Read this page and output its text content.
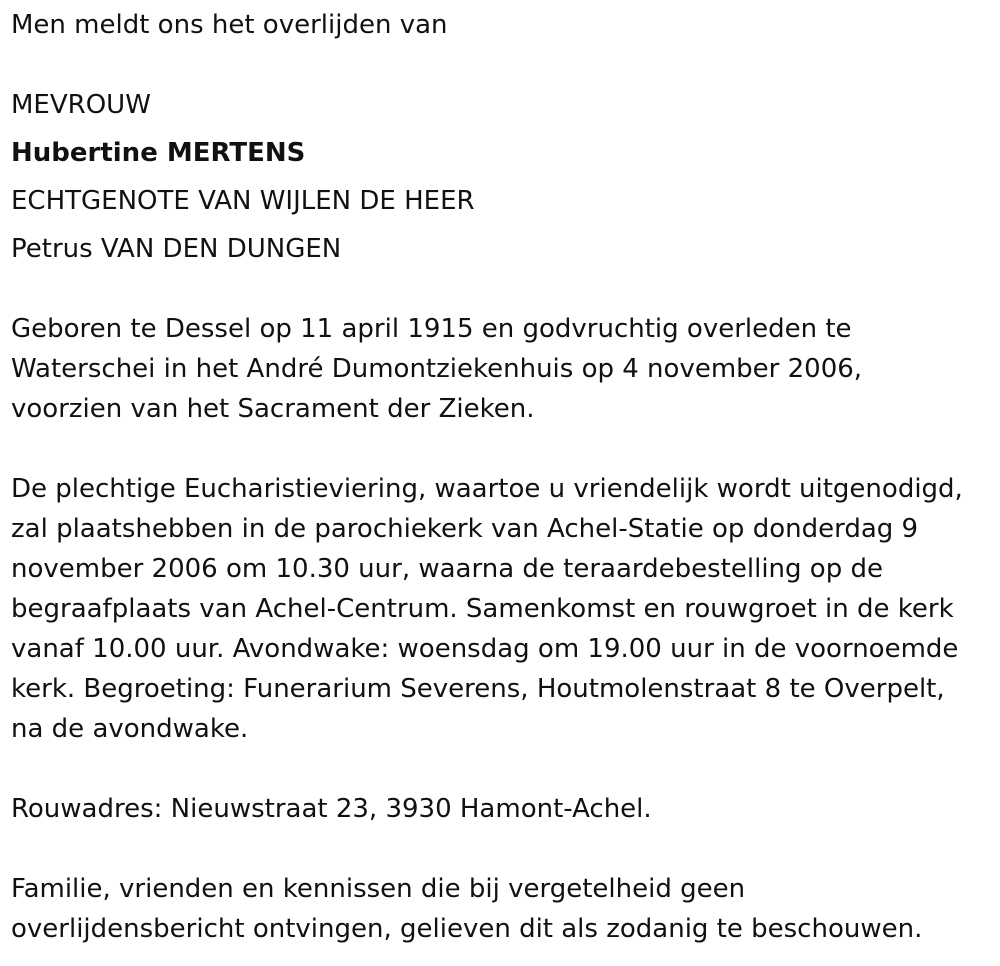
Men meldt ons het overlijden van

MEVROUW

Hubertine MERTENS

ECHTGENOTE VAN WIJLEN DE HEER

Petrus VAN DEN DUNGEN

Geboren te Dessel op 11 april 1915 en godvruchtig overleden te

Waterschei in het André Dumontziekenhuis op 4 november 2006,

voorzien van het Sacrament der Zieken.

De plechtige Eucharistieviering, waartoe u vriendelijk wordt uitgenodigd,

zal plaatshebben in de parochiekerk van Achel-Statie op donderdag 9

november 2006 om 10.30 uur, waarna de teraardebestelling op de

begraafplaats van Achel-Centrum. Samenkomst en rouwgroet in de kerk

vanaf 10.00 uur. Avondwake: woensdag om 19.00 uur in de voornoemde

kerk. Begroeting: Funerarium Severens, Houtmolenstraat 8 te Overpelt,

na de avondwake.

Rouwadres: Nieuwstraat 23, 3930 Hamont-Achel.

Familie, vrienden en kennissen die bij vergetelheid geen

overlijdensbericht ontvingen, gelieven dit als zodanig te beschouwen.
